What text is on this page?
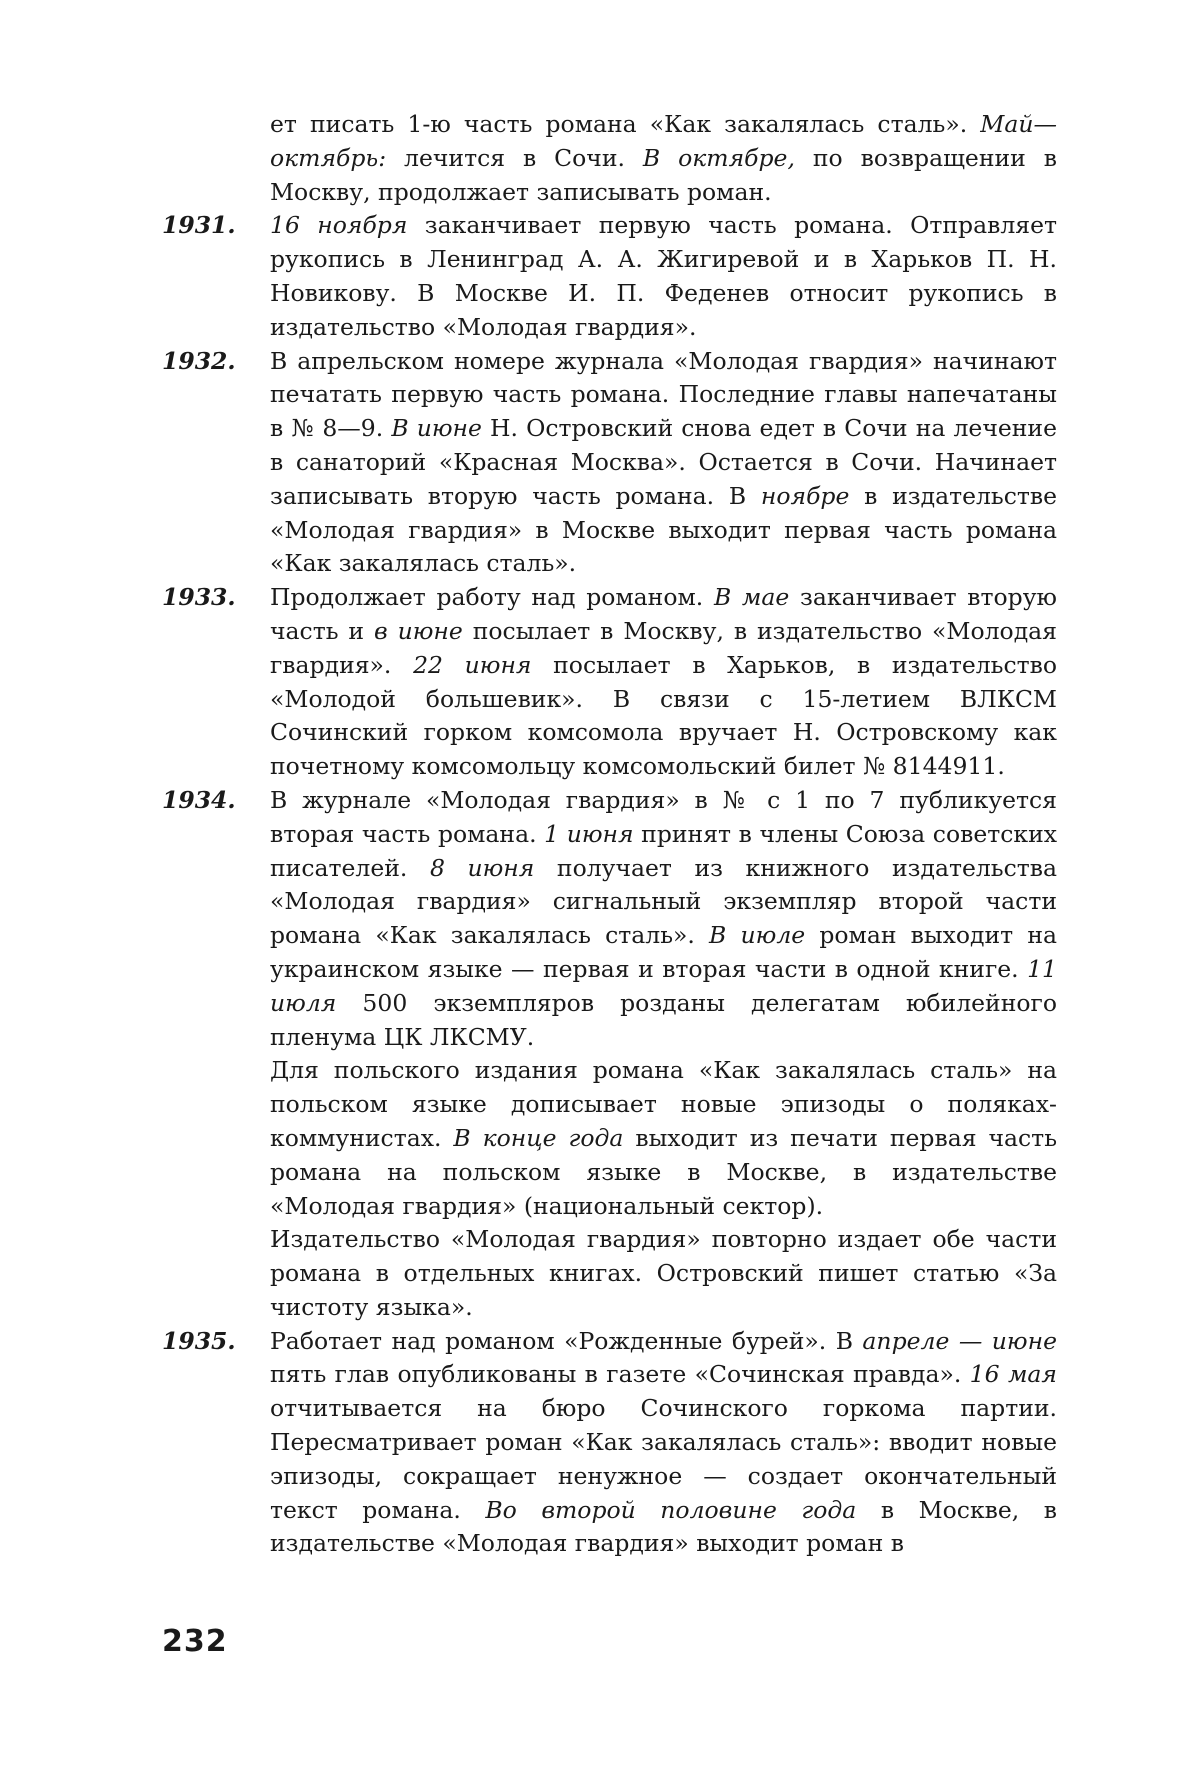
ет писать 1-ю часть романа «Как закалялась сталь». Май—октябрь: лечится в Сочи. В октябре, по возвращении в Москву, продолжает записывать роман.

1931.	16 ноября заканчивает первую часть романа. Отправляет рукопись в Ленинград А. А. Жигиревой и в Харьков П. Н. Новикову. В Москве И. П. Феденев относит рукопись в издательство «Молодая гвардия».

1932.	В апрельском номере журнала «Молодая гвардия» начинают печатать первую часть романа. Последние главы напечатаны в № 8—9. В июне Н. Островский снова едет в Сочи на лечение в санаторий «Красная Москва». Остается в Сочи. Начинает записывать вторую часть романа. В ноябре в издательстве «Молодая гвардия» в Москве выходит первая часть романа «Как закалялась сталь».

1933.	Продолжает работу над романом. В мае заканчивает вторую часть и в июне посылает в Москву, в издательство «Молодая гвардия». 22 июня посылает в Харьков, в издательство «Молодой большевик». В связи с 15-летием ВЛКСМ Сочинский горком комсомола вручает Н. Островскому как почетному комсомольцу комсомольский билет № 8144911.

1934.	В журнале «Молодая гвардия» в № с 1 по 7 публикуется вторая часть романа. 1 июня принят в члены Союза советских писателей. 8 июня получает из книжного издательства «Молодая гвардия» сигнальный экземпляр второй части романа «Как закалялась сталь». В июле роман выходит на украинском языке — первая и вторая части в одной книге. 11 июля 500 экземпляров розданы делегатам юбилейного пленума ЦК ЛКСМУ.

Для польского издания романа «Как закалялась сталь» на польском языке дописывает новые эпизоды о поляках-коммунистах. В конце года выходит из печати первая часть романа на польском языке в Москве, в издательстве «Молодая гвардия» (национальный сектор).

Издательство «Молодая гвардия» повторно издает обе части романа в отдельных книгах. Островский пишет статью «За чистоту языка».

1935.	Работает над романом «Рожденные бурей». В апреле — июне пять глав опубликованы в газете «Сочинская правда». 16 мая отчитывается на бюро Сочинского горкома партии. Пересматривает роман «Как закалялась сталь»: вводит новые эпизоды, сокращает ненужное — создает окончательный текст романа. Во второй половине года в Москве, в издательстве «Молодая гвардия» выходит роман в

232
